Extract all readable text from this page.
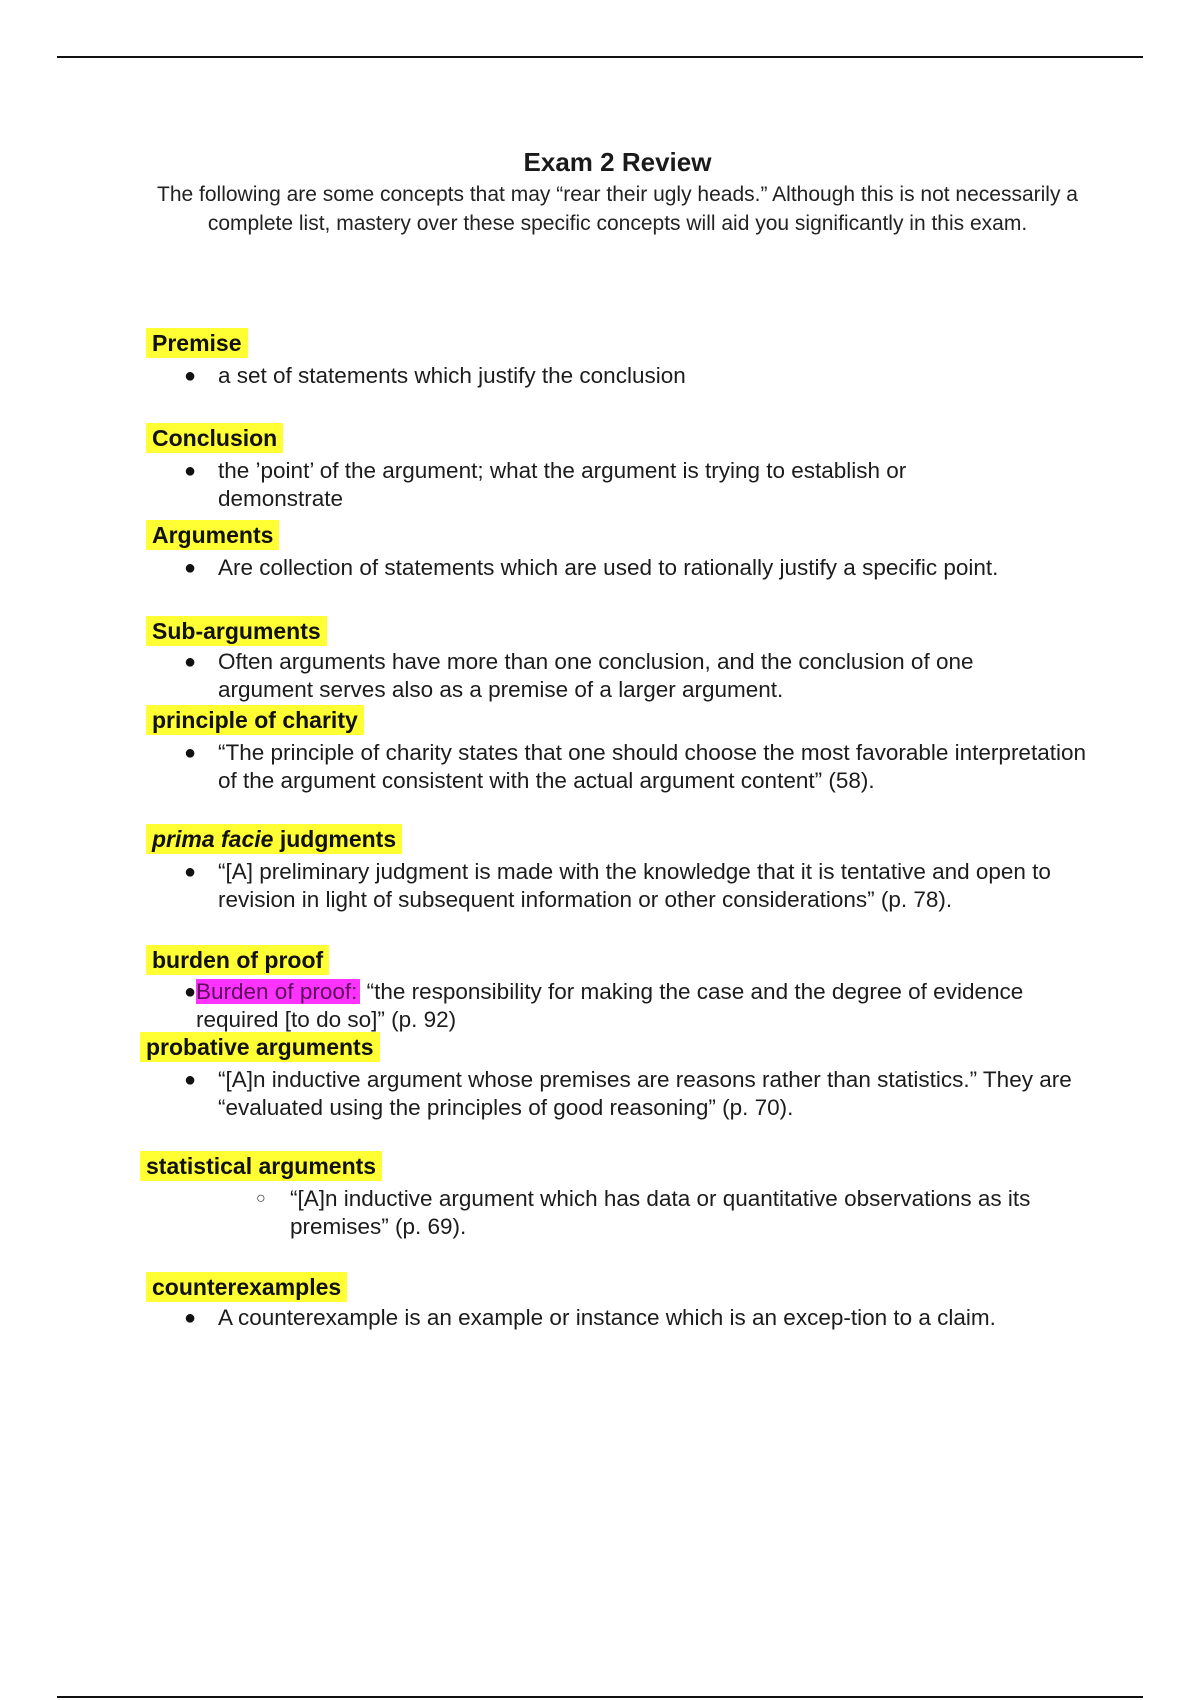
Exam 2 Review
The following are some concepts that may “rear their ugly heads.” Although this is not necessarily a complete list, mastery over these specific concepts will aid you significantly in this exam.
Premise
● a set of statements which justify the conclusion
Conclusion
● the ’point’ of the argument; what the argument is trying to establish or demonstrate
Arguments
● Are collection of statements which are used to rationally justify a specific point.
Sub-arguments
● Often arguments have more than one conclusion, and the conclusion of one argument serves also as a premise of a larger argument.
principle of charity
● “The principle of charity states that one should choose the most favorable interpretation of the argument consistent with the actual argument content” (58).
prima facie judgments
● “[A] preliminary judgment is made with the knowledge that it is tentative and open to revision in light of subsequent information or other considerations” (p. 78).
burden of proof
● Burden of proof: “the responsibility for making the case and the degree of evidence required [to do so]” (p. 92)
probative arguments
● “[A]n inductive argument whose premises are reasons rather than statistics.” They are “evaluated using the principles of good reasoning” (p. 70).
statistical arguments
○ “[A]n inductive argument which has data or quantitative observations as its premises” (p. 69).
counterexamples
● A counterexample is an example or instance which is an excep-tion to a claim.
